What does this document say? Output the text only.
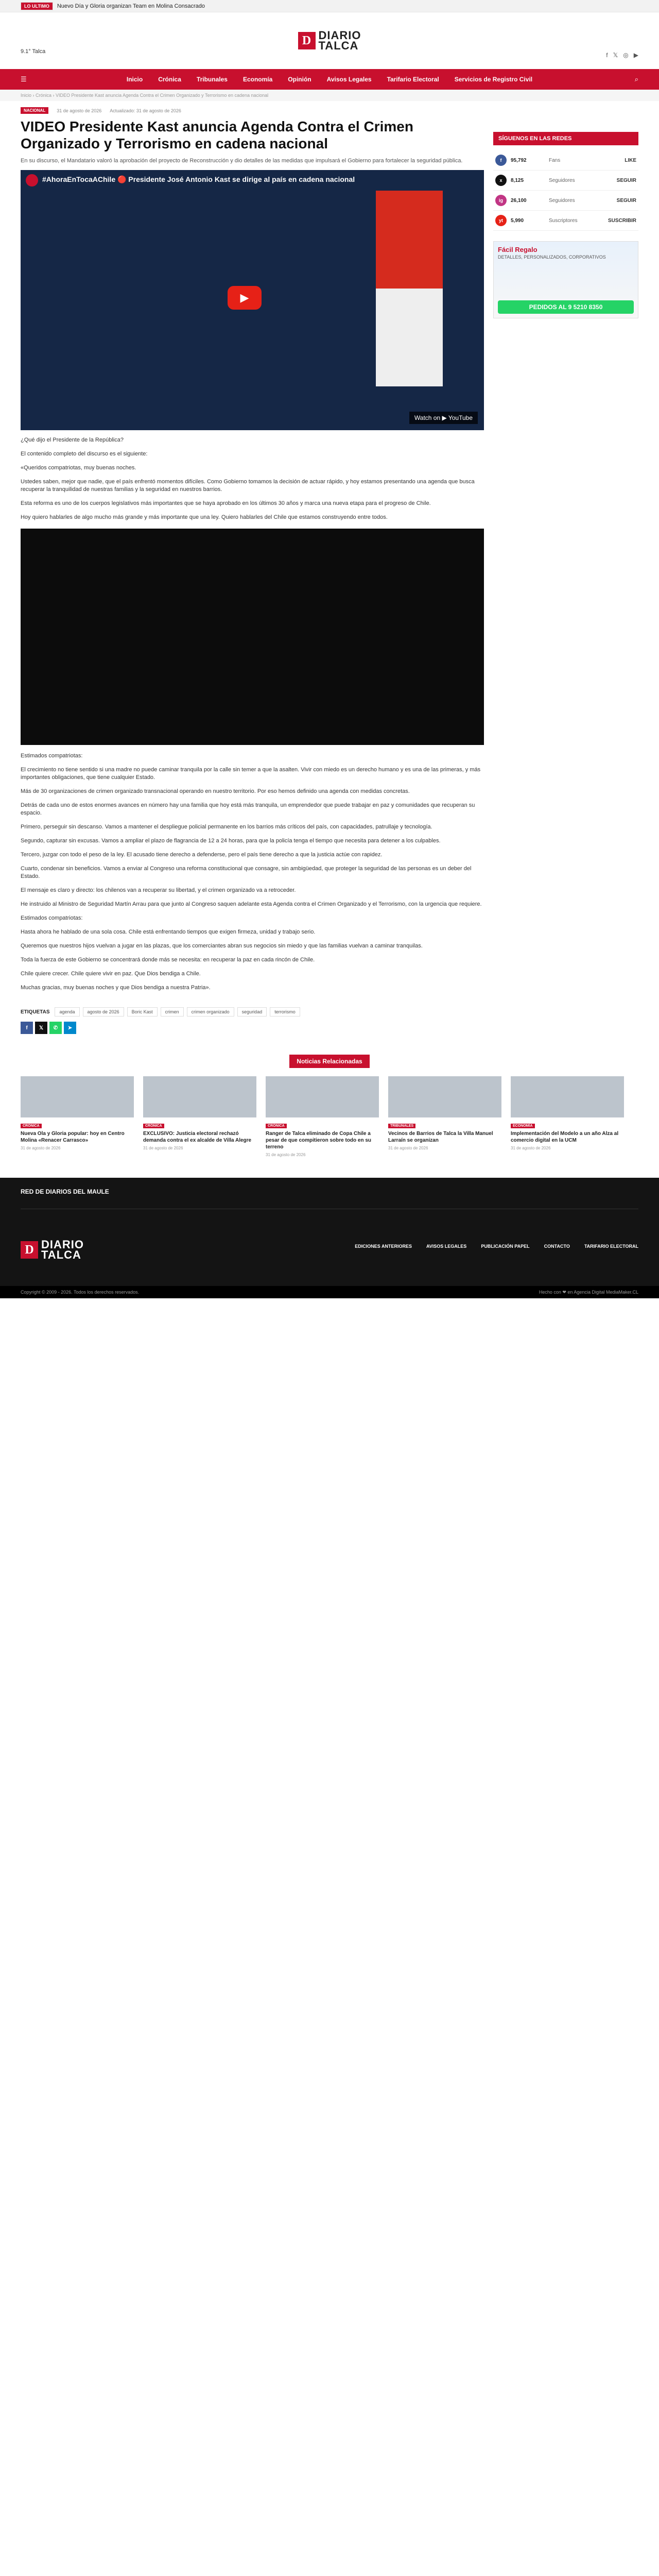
LO ULTIMO	Nuevo Día y Gloria organizan Team en Molina Consacrado
9.1° Talca
D DIARIO
TALCA
f 𝕏 ◎ ▶
☰	Inicio	Crónica	Tribunales	Economía	Opinión	Avisos Legales	Tarifario Electoral	Servicios de Registro Civil	⌕
Inicio › Crónica › VIDEO Presidente Kast anuncia Agenda Contra el Crimen Organizado y Terrorismo en cadena nacional
NACIONAL	31 de agosto de 2026 Actualizado: 31 de agosto de 2026
VIDEO Presidente Kast anuncia Agenda Contra el Crimen Organizado y Terrorismo en cadena nacional
En su discurso, el Mandatario valoró la aprobación del proyecto de Reconstrucción y dio detalles de las medidas que impulsará el Gobierno para fortalecer la seguridad pública.
#AhoraEnTocaAChile 🔴 Presidente José Antonio Kast se dirige al país en cadena nacional
▶
Watch on ▶ YouTube
¿Qué dijo el Presidente de la República?
El contenido completo del discurso es el siguiente:
«Queridos compatriotas, muy buenas noches.
Ustedes saben, mejor que nadie, que el país enfrentó momentos difíciles. Como Gobierno tomamos la decisión de actuar rápido, y hoy estamos presentando una agenda que busca recuperar la tranquilidad de nuestras familias y la seguridad en nuestros barrios.
Esta reforma es uno de los cuerpos legislativos más importantes que se haya aprobado en los últimos 30 años y marca una nueva etapa para el progreso de Chile.
Hoy quiero hablarles de algo mucho más grande y más importante que una ley. Quiero hablarles del Chile que estamos construyendo entre todos.
Estimados compatriotas:
El crecimiento no tiene sentido si una madre no puede caminar tranquila por la calle sin temer a que la asalten. Vivir con miedo es un derecho humano y es una de las primeras, y más importantes obligaciones, que tiene cualquier Estado.
Más de 30 organizaciones de crimen organizado transnacional operando en nuestro territorio. Por eso hemos definido una agenda con medidas concretas.
Detrás de cada uno de estos enormes avances en número hay una familia que hoy está más tranquila, un emprendedor que puede trabajar en paz y comunidades que recuperan su espacio.
Primero, perseguir sin descanso. Vamos a mantener el despliegue policial permanente en los barrios más críticos del país, con capacidades, patrullaje y tecnología.
Segundo, capturar sin excusas. Vamos a ampliar el plazo de flagrancia de 12 a 24 horas, para que la policía tenga el tiempo que necesita para detener a los culpables.
Tercero, juzgar con todo el peso de la ley. El acusado tiene derecho a defenderse, pero el país tiene derecho a que la justicia actúe con rapidez.
Cuarto, condenar sin beneficios. Vamos a enviar al Congreso una reforma constitucional que consagre, sin ambigüedad, que proteger la seguridad de las personas es un deber del Estado.
El mensaje es claro y directo: los chilenos van a recuperar su libertad, y el crimen organizado va a retroceder.
He instruido al Ministro de Seguridad Martín Arrau para que junto al Congreso saquen adelante esta Agenda contra el Crimen Organizado y el Terrorismo, con la urgencia que requiere.
Estimados compatriotas:
Hasta ahora he hablado de una sola cosa. Chile está enfrentando tiempos que exigen firmeza, unidad y trabajo serio.
Queremos que nuestros hijos vuelvan a jugar en las plazas, que los comerciantes abran sus negocios sin miedo y que las familias vuelvan a caminar tranquilas.
Toda la fuerza de este Gobierno se concentrará donde más se necesita: en recuperar la paz en cada rincón de Chile.
Chile quiere crecer. Chile quiere vivir en paz. Que Dios bendiga a Chile.
Muchas gracias, muy buenas noches y que Dios bendiga a nuestra Patria».
ETIQUETAS	agenda	agosto de 2026	Boric Kast	crimen	crimen organizado	seguridad	terrorismo
f	𝕏	✆	➤
SÍGUENOS EN LAS REDES
f	95,792	Fans	LIKE
x	8,125	Seguidores	SEGUIR
ig	26,100	Seguidores	SEGUIR
yt	5,990	Suscriptores	SUSCRIBIR
Fácil Regalo
DETALLES, PERSONALIZADOS, CORPORATIVOS
PEDIDOS AL 9 5210 8350
Noticias Relacionadas
CRÓNICA
Nueva Ola y Gloria popular: hoy en Centro Molina «Renacer Carrasco»
31 de agosto de 2026
CRÓNICA
EXCLUSIVO: Justicia electoral rechazó demanda contra el ex alcalde de Villa Alegre
31 de agosto de 2026
CRÓNICA
Ranger de Talca eliminado de Copa Chile a pesar de que compitieron sobre todo en su terreno
31 de agosto de 2026
TRIBUNALES
Vecinos de Barrios de Talca la Villa Manuel Larraín se organizan
31 de agosto de 2026
ECONOMÍA
Implementación del Modelo a un año Alza al comercio digital en la UCM
31 de agosto de 2026
RED DE DIARIOS DEL MAULE
D DIARIO
TALCA
EDICIONES ANTERIORES	AVISOS LEGALES	PUBLICACIÓN PAPEL	CONTACTO	TARIFARIO ELECTORAL
Copyright © 2009 - 2026. Todos los derechos reservados.	Hecho con ❤ en Agencia Digital MediaMaker.CL
